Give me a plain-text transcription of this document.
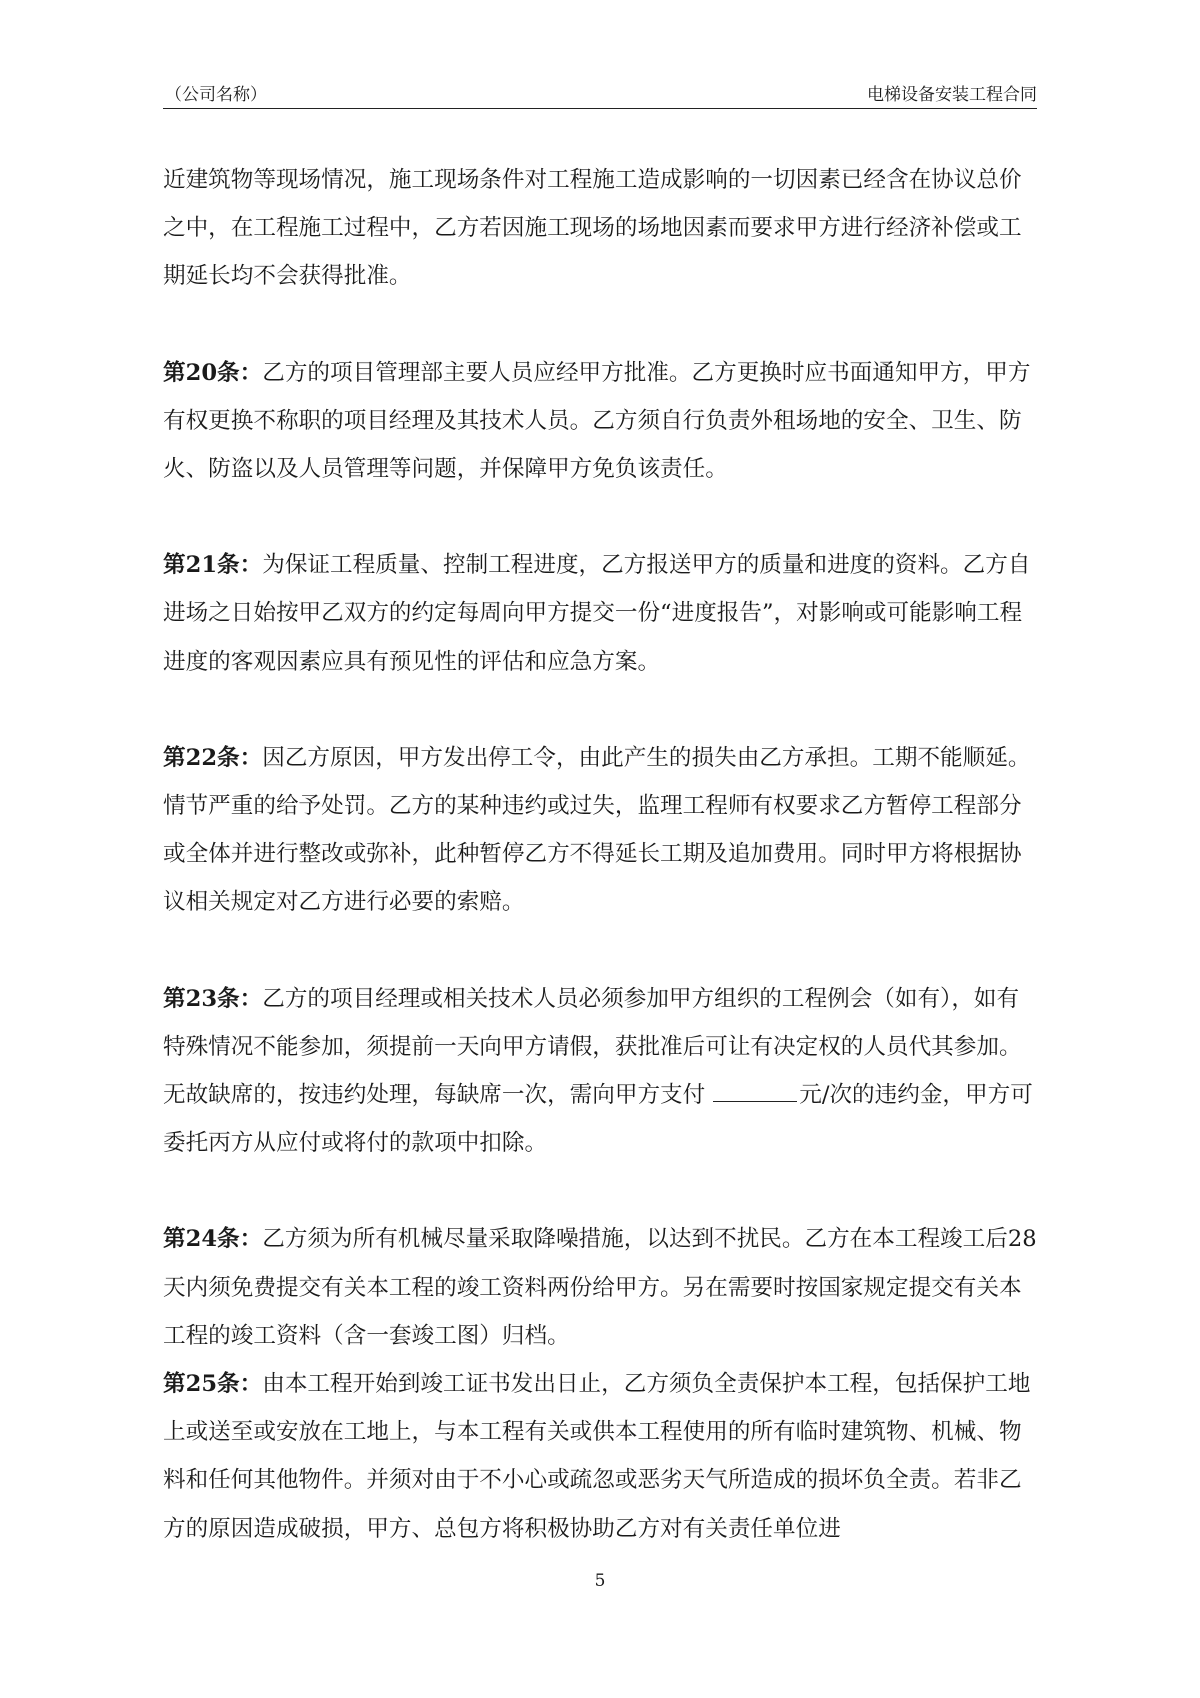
（公司名称）	电梯设备安装工程合同

近建筑物等现场情况，施工现场条件对工程施工造成影响的一切因素已经含在协议总价之中，在工程施工过程中，乙方若因施工现场的场地因素而要求甲方进行经济补偿或工期延长均不会获得批准。

第20条：乙方的项目管理部主要人员应经甲方批准。乙方更换时应书面通知甲方，甲方有权更换不称职的项目经理及其技术人员。乙方须自行负责外租场地的安全、卫生、防火、防盗以及人员管理等问题，并保障甲方免负该责任。

第21条：为保证工程质量、控制工程进度，乙方报送甲方的质量和进度的资料。乙方自进场之日始按甲乙双方的约定每周向甲方提交一份“进度报告”，对影响或可能影响工程进度的客观因素应具有预见性的评估和应急方案。

第22条：因乙方原因，甲方发出停工令，由此产生的损失由乙方承担。工期不能顺延。情节严重的给予处罚。乙方的某种违约或过失，监理工程师有权要求乙方暂停工程部分或全体并进行整改或弥补，此种暂停乙方不得延长工期及追加费用。同时甲方将根据协议相关规定对乙方进行必要的索赔。

第23条：乙方的项目经理或相关技术人员必须参加甲方组织的工程例会（如有），如有特殊情况不能参加，须提前一天向甲方请假，获批准后可让有决定权的人员代其参加。无故缺席的，按违约处理，每缺席一次，需向甲方支付	元/次的违约金，甲方可委托丙方从应付或将付的款项中扣除。

第24条：乙方须为所有机械尽量采取降噪措施，以达到不扰民。乙方在本工程竣工后28天内须免费提交有关本工程的竣工资料两份给甲方。另在需要时按国家规定提交有关本工程的竣工资料（含一套竣工图）归档。

第25条：由本工程开始到竣工证书发出日止，乙方须负全责保护本工程，包括保护工地上或送至或安放在工地上，与本工程有关或供本工程使用的所有临时建筑物、机械、物料和任何其他物件。并须对由于不小心或疏忽或恶劣天气所造成的损坏负全责。若非乙方的原因造成破损，甲方、总包方将积极协助乙方对有关责任单位进

5
